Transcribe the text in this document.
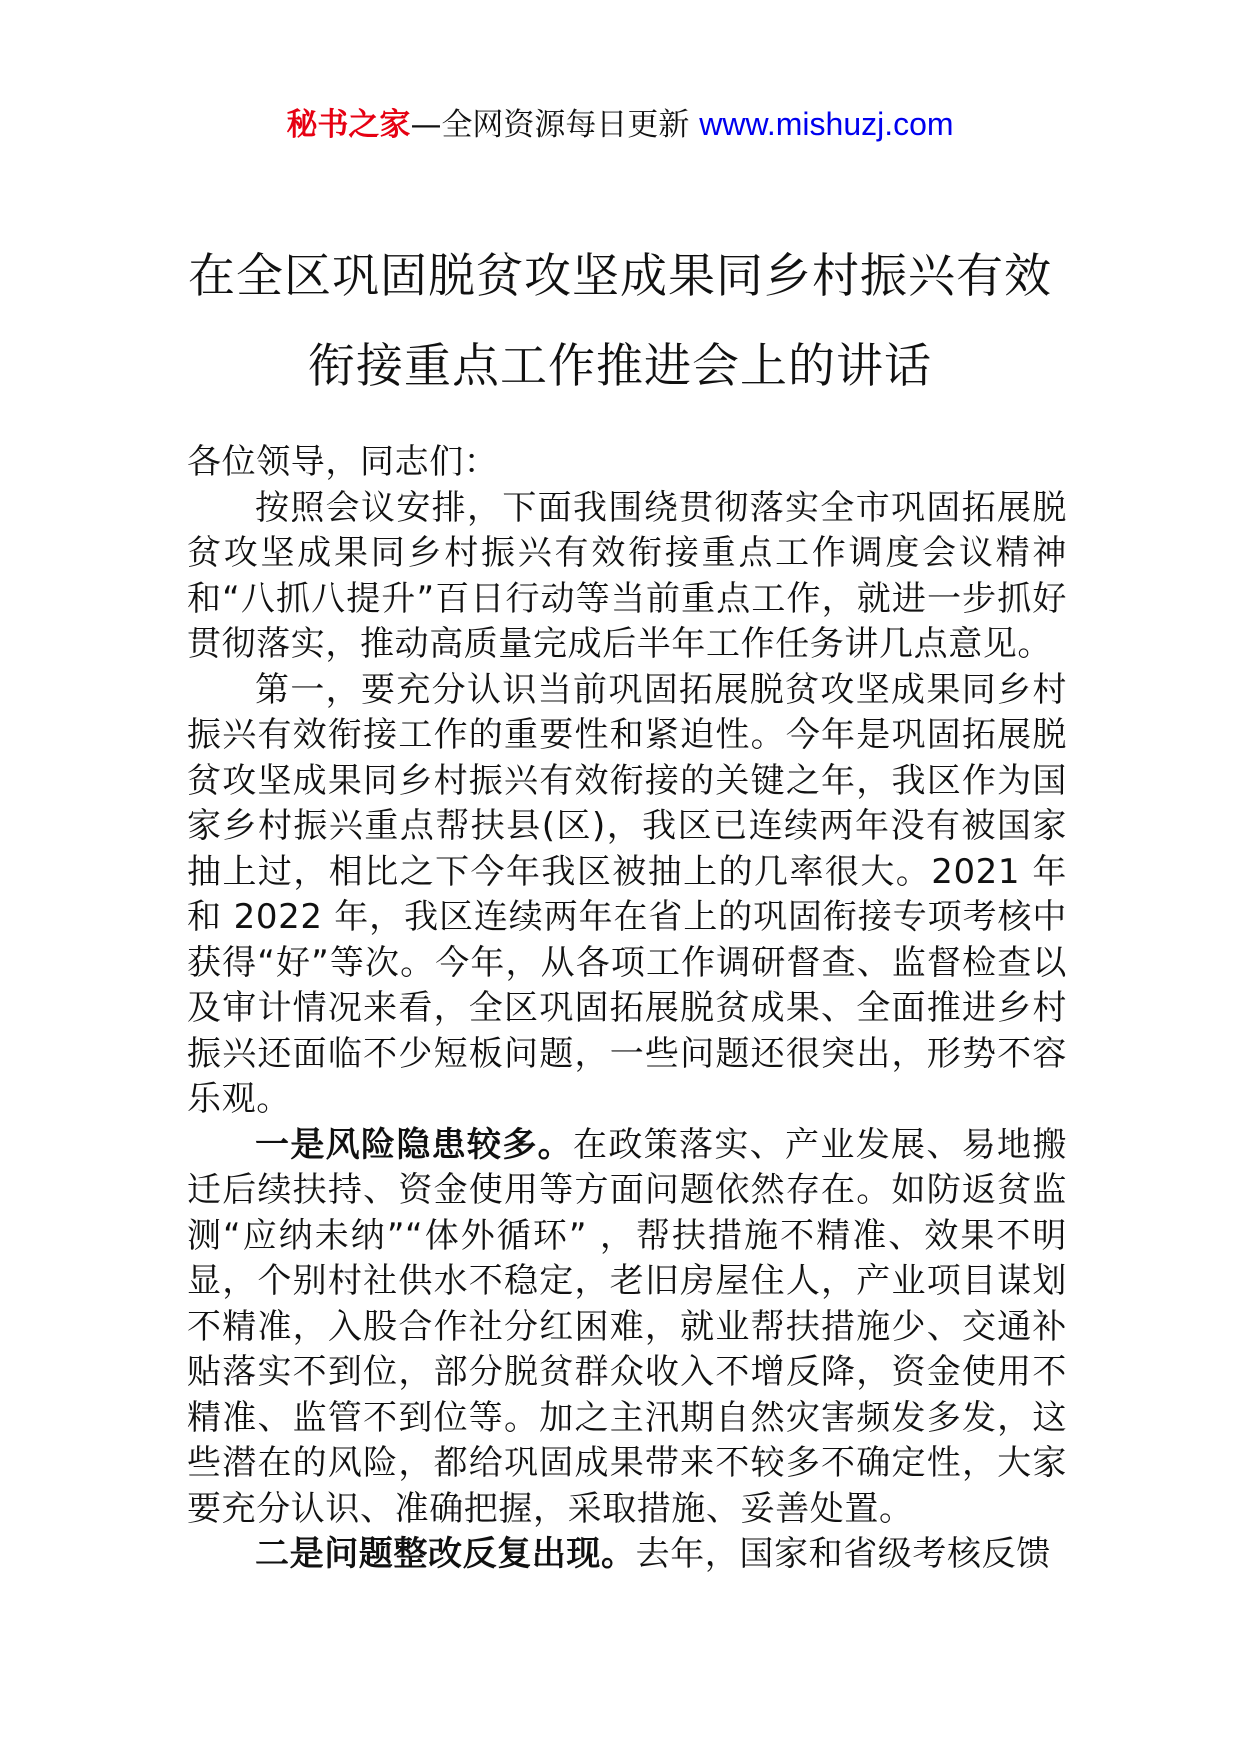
秘书之家—全网资源每日更新 www.mishuzj.com
在全区巩固脱贫攻坚成果同乡村振兴有效
衔接重点工作推进会上的讲话

各位领导，同志们：

按照会议安排，下面我围绕贯彻落实全市巩固拓展脱贫攻坚成果同乡村振兴有效衔接重点工作调度会议精神和“八抓八提升”百日行动等当前重点工作，就进一步抓好贯彻落实，推动高质量完成后半年工作任务讲几点意见。

第一，要充分认识当前巩固拓展脱贫攻坚成果同乡村振兴有效衔接工作的重要性和紧迫性。今年是巩固拓展脱贫攻坚成果同乡村振兴有效衔接的关键之年，我区作为国家乡村振兴重点帮扶县(区)，我区已连续两年没有被国家抽上过，相比之下今年我区被抽上的几率很大。2021 年和 2022 年，我区连续两年在省上的巩固衔接专项考核中获得“好”等次。今年，从各项工作调研督查、监督检查以及审计情况来看，全区巩固拓展脱贫成果、全面推进乡村振兴还面临不少短板问题，一些问题还很突出，形势不容乐观。

一是风险隐患较多。在政策落实、产业发展、易地搬迁后续扶持、资金使用等方面问题依然存在。如防返贫监测“应纳未纳”“体外循环” ，帮扶措施不精准、效果不明显，个别村社供水不稳定，老旧房屋住人，产业项目谋划不精准，入股合作社分红困难，就业帮扶措施少、交通补贴落实不到位，部分脱贫群众收入不增反降，资金使用不精准、监管不到位等。加之主汛期自然灾害频发多发，这些潜在的风险，都给巩固成果带来不较多不确定性，大家要充分认识、准确把握，采取措施、妥善处置。

二是问题整改反复出现。去年，国家和省级考核反馈
